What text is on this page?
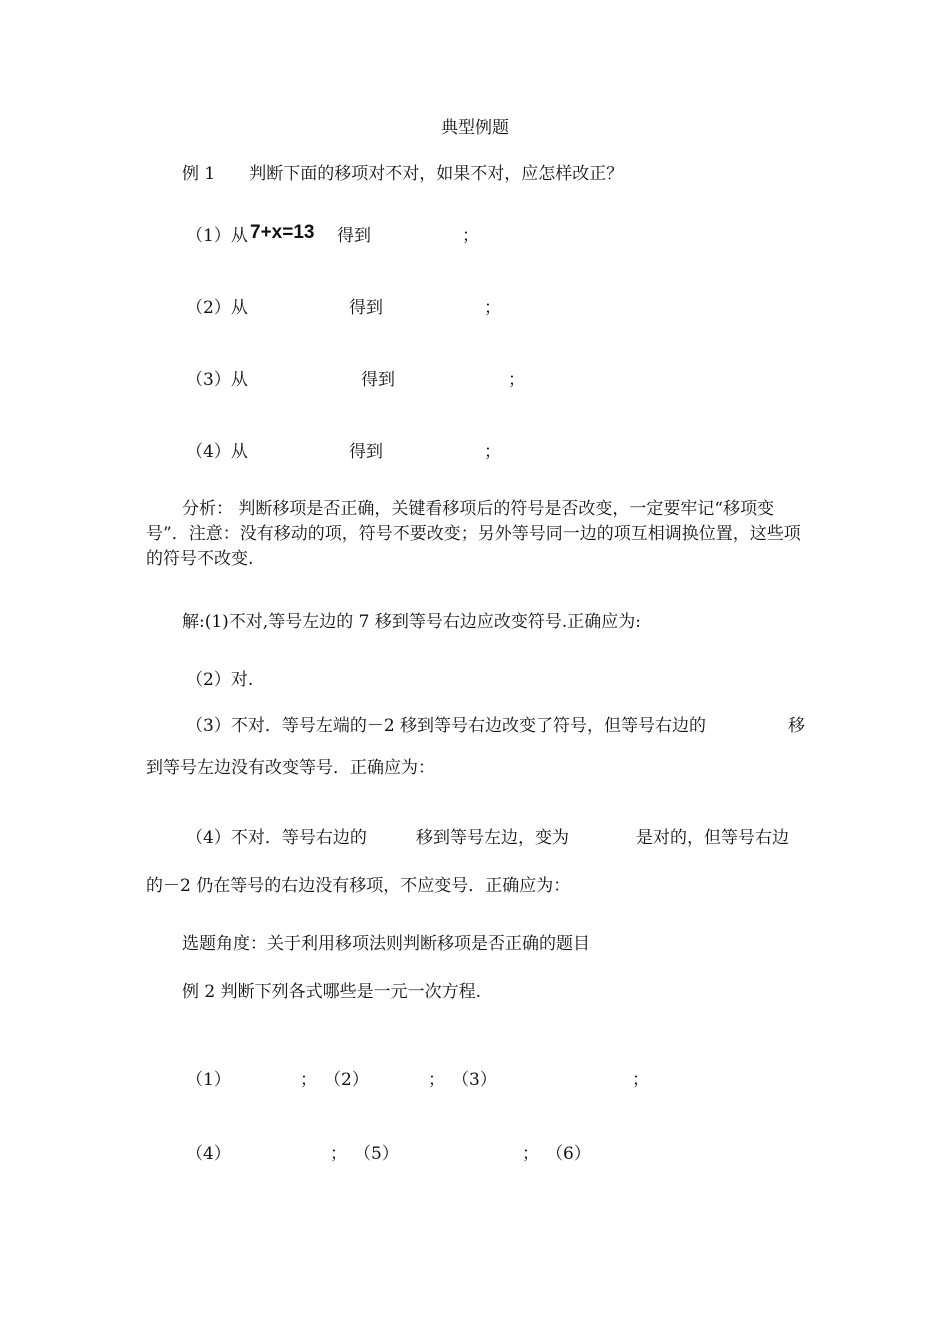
典型例题
例 1　　判断下面的移项对不对，如果不对，应怎样改正？
（1）从 7+x=13 得到	；
（2）从	得到	；
（3）从	得到	；
（4）从	得到	；
分析： 判断移项是否正确，关键看移项后的符号是否改变，一定要牢记“移项变号”．注意：没有移动的项，符号不要改变；另外等号同一边的项互相调换位置，这些项的符号不改变.
解:(1)不对,等号左边的 7 移到等号右边应改变符号.正确应为:
（2）对.
（3）不对．等号左端的－2 移到等号右边改变了符号，但等号右边的	移
到等号左边没有改变等号．正确应为：
（4）不对．等号右边的	移到等号左边，变为	是对的，但等号右边
的－2 仍在等号的右边没有移项，不应变号．正确应为：
选题角度：关于利用移项法则判断移项是否正确的题目
例 2 判断下列各式哪些是一元一次方程.
（1）	； （2）	； （3）	；
（4）	； （5）	； （6）
